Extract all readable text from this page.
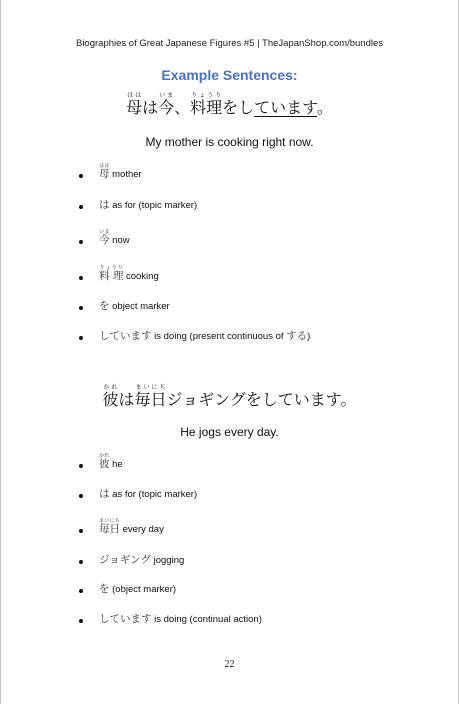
Biographies of Great Japanese Figures #5 | TheJapanShop.com/bundles
Example Sentences:
母ははは今いま、料理りょうりをしています。
My mother is cooking right now.
母はは mother
は as for (topic marker)
今いま now
料 理りょうり cooking
を object marker
しています is doing (present continuous of する)
彼かれは毎日まいにちジョギングをしています。
He jogs every day.
彼かれ he
は as for (topic marker)
毎日まいにち every day
ジョギング jogging
を (object marker)
しています is doing (continual action)
22
